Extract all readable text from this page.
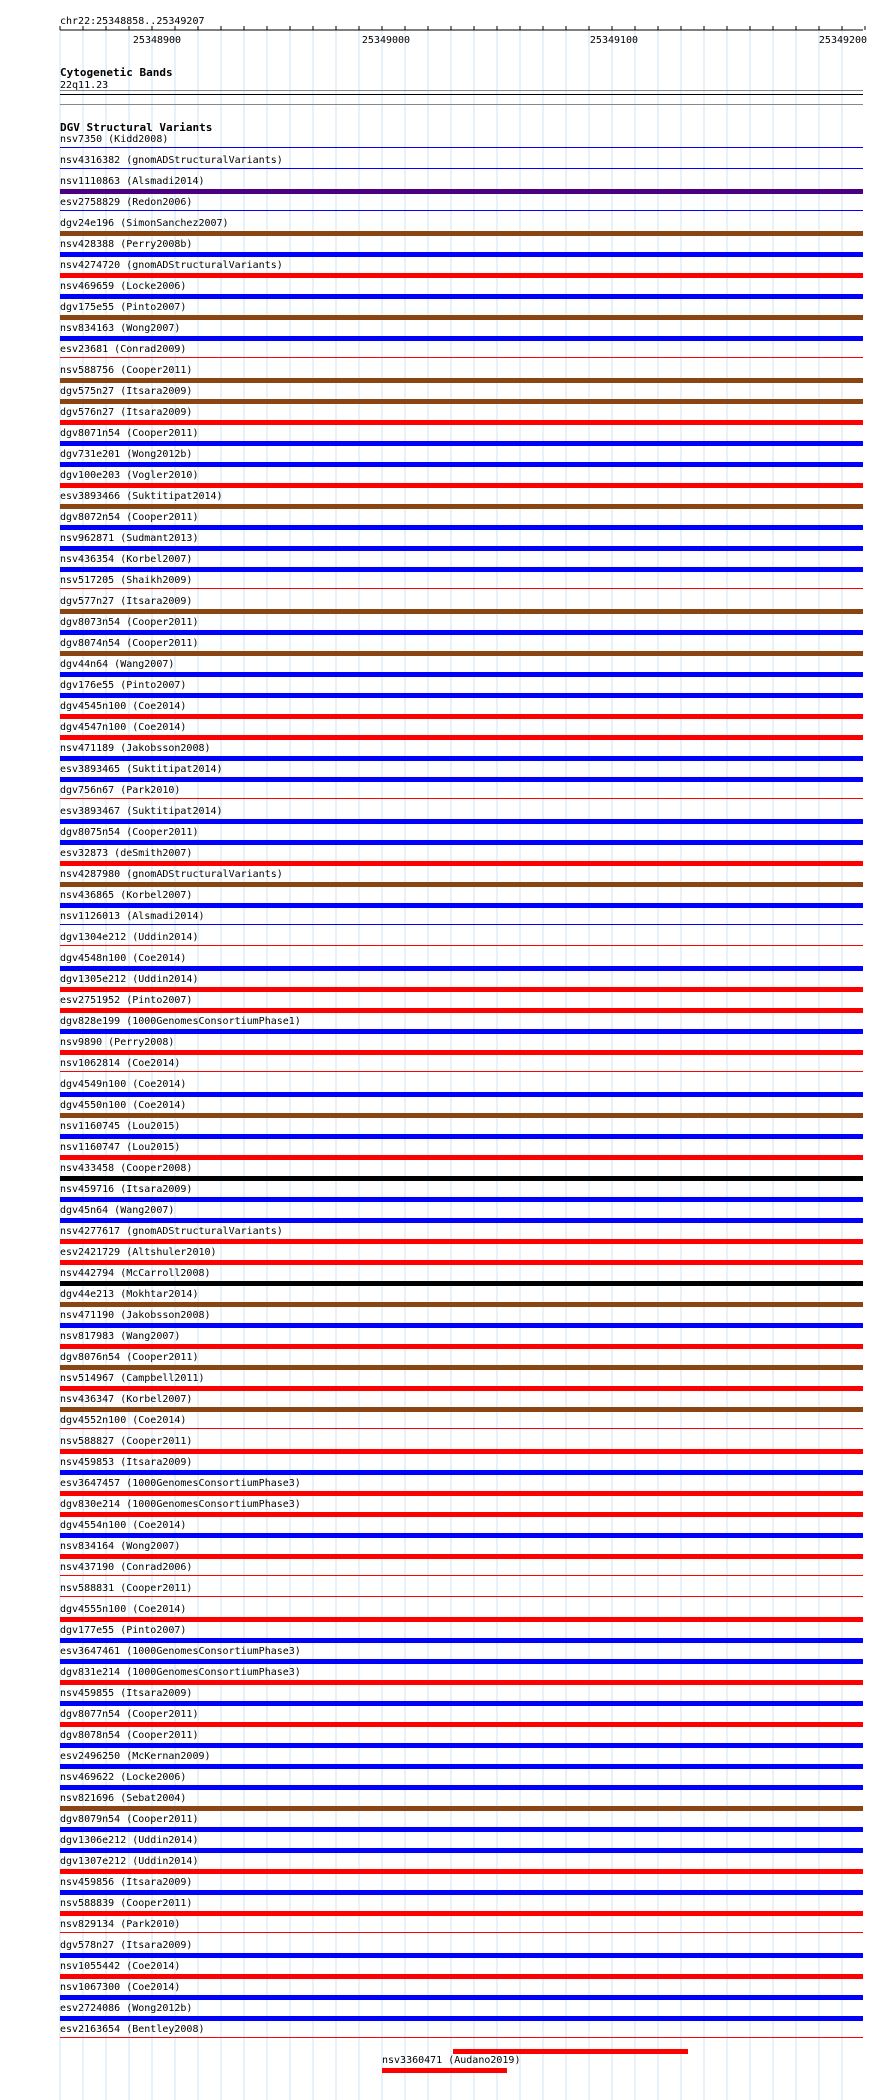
chr22:25348858..25349207
25348900	25349000	25349100	25349200
Cytogenetic Bands
22q11.23
DGV Structural Variants
nsv7350 (Kidd2008)
nsv4316382 (gnomADStructuralVariants)
nsv1110863 (Alsmadi2014)
esv2758829 (Redon2006)
dgv24e196 (SimonSanchez2007)
nsv428388 (Perry2008b)
nsv4274720 (gnomADStructuralVariants)
nsv469659 (Locke2006)
dgv175e55 (Pinto2007)
nsv834163 (Wong2007)
esv23681 (Conrad2009)
nsv588756 (Cooper2011)
dgv575n27 (Itsara2009)
dgv576n27 (Itsara2009)
dgv8071n54 (Cooper2011)
dgv731e201 (Wong2012b)
dgv100e203 (Vogler2010)
esv3893466 (Suktitipat2014)
dgv8072n54 (Cooper2011)
nsv962871 (Sudmant2013)
nsv436354 (Korbel2007)
nsv517205 (Shaikh2009)
dgv577n27 (Itsara2009)
dgv8073n54 (Cooper2011)
dgv8074n54 (Cooper2011)
dgv44n64 (Wang2007)
dgv176e55 (Pinto2007)
dgv4545n100 (Coe2014)
dgv4547n100 (Coe2014)
nsv471189 (Jakobsson2008)
esv3893465 (Suktitipat2014)
dgv756n67 (Park2010)
esv3893467 (Suktitipat2014)
dgv8075n54 (Cooper2011)
esv32873 (deSmith2007)
nsv4287980 (gnomADStructuralVariants)
nsv436865 (Korbel2007)
nsv1126013 (Alsmadi2014)
dgv1304e212 (Uddin2014)
dgv4548n100 (Coe2014)
dgv1305e212 (Uddin2014)
esv2751952 (Pinto2007)
dgv828e199 (1000GenomesConsortiumPhase1)
nsv9890 (Perry2008)
nsv1062814 (Coe2014)
dgv4549n100 (Coe2014)
dgv4550n100 (Coe2014)
nsv1160745 (Lou2015)
nsv1160747 (Lou2015)
nsv433458 (Cooper2008)
nsv459716 (Itsara2009)
dgv45n64 (Wang2007)
nsv4277617 (gnomADStructuralVariants)
esv2421729 (Altshuler2010)
nsv442794 (McCarroll2008)
dgv44e213 (Mokhtar2014)
nsv471190 (Jakobsson2008)
nsv817983 (Wang2007)
dgv8076n54 (Cooper2011)
nsv514967 (Campbell2011)
nsv436347 (Korbel2007)
dgv4552n100 (Coe2014)
nsv588827 (Cooper2011)
nsv459853 (Itsara2009)
esv3647457 (1000GenomesConsortiumPhase3)
dgv830e214 (1000GenomesConsortiumPhase3)
dgv4554n100 (Coe2014)
nsv834164 (Wong2007)
nsv437190 (Conrad2006)
nsv588831 (Cooper2011)
dgv4555n100 (Coe2014)
dgv177e55 (Pinto2007)
esv3647461 (1000GenomesConsortiumPhase3)
dgv831e214 (1000GenomesConsortiumPhase3)
nsv459855 (Itsara2009)
dgv8077n54 (Cooper2011)
dgv8078n54 (Cooper2011)
esv2496250 (McKernan2009)
nsv469622 (Locke2006)
nsv821696 (Sebat2004)
dgv8079n54 (Cooper2011)
dgv1306e212 (Uddin2014)
dgv1307e212 (Uddin2014)
nsv459856 (Itsara2009)
nsv588839 (Cooper2011)
nsv829134 (Park2010)
dgv578n27 (Itsara2009)
nsv1055442 (Coe2014)
nsv1067300 (Coe2014)
esv2724086 (Wong2012b)
esv2163654 (Bentley2008)
nsv3360471 (Audano2019)
